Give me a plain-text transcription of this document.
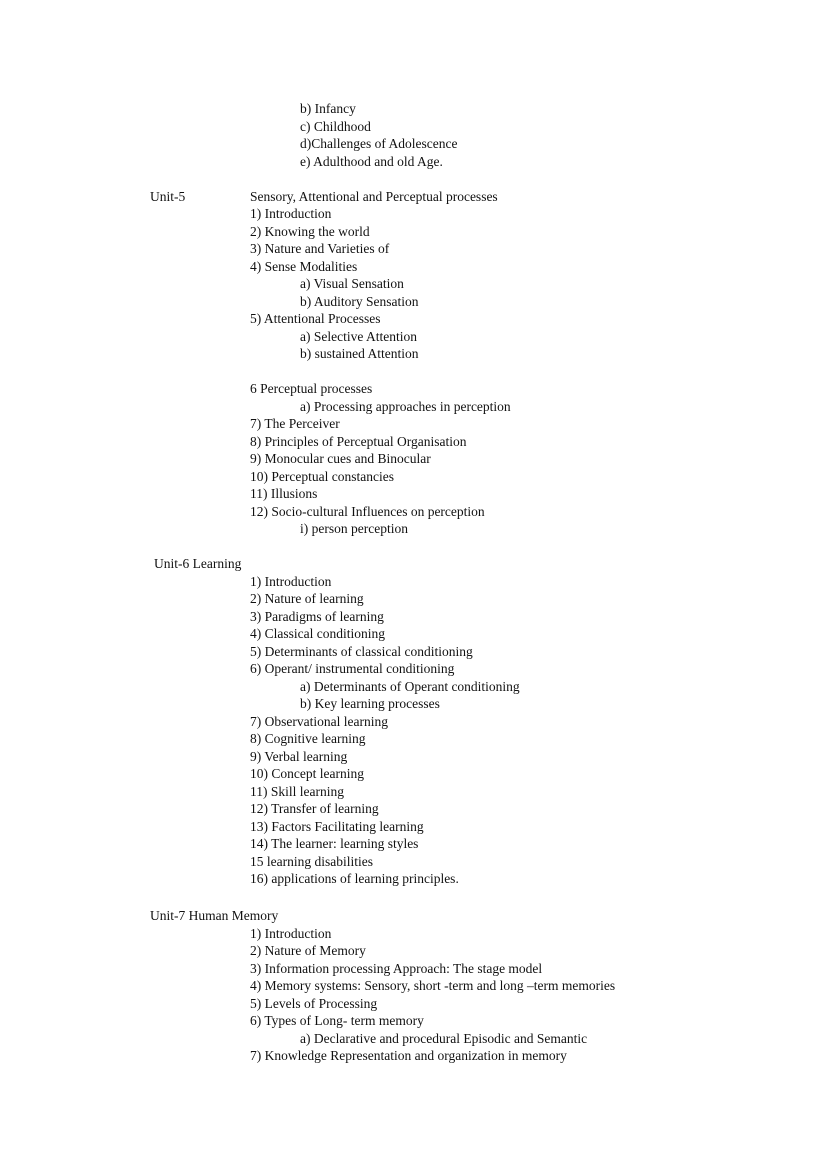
b) Infancy
c) Childhood
d)Challenges of Adolescence
e) Adulthood and old Age.
Unit-5	Sensory, Attentional and Perceptual processes
1) Introduction
2) Knowing the world
3) Nature and Varieties of
4) Sense Modalities
a) Visual Sensation
b) Auditory Sensation
5) Attentional Processes
a) Selective Attention
b) sustained Attention
6 Perceptual processes
a) Processing approaches in perception
7) The Perceiver
8) Principles of Perceptual Organisation
9) Monocular cues and Binocular
10) Perceptual constancies
11) Illusions
12) Socio-cultural Influences on perception
i) person perception
Unit-6 Learning
1) Introduction
2) Nature of learning
3) Paradigms of learning
4) Classical conditioning
5) Determinants of classical conditioning
6) Operant/ instrumental conditioning
a) Determinants of Operant conditioning
b) Key learning processes
7) Observational learning
8) Cognitive learning
9) Verbal learning
10) Concept learning
11) Skill learning
12) Transfer of learning
13) Factors Facilitating learning
14) The learner: learning styles
15 learning disabilities
16) applications of learning principles.
Unit-7 Human Memory
1) Introduction
2) Nature of Memory
3) Information processing Approach: The stage model
4) Memory systems: Sensory, short -term and long –term memories
5) Levels of Processing
6) Types of Long- term memory
a) Declarative and procedural Episodic and Semantic
7) Knowledge Representation and organization in memory
